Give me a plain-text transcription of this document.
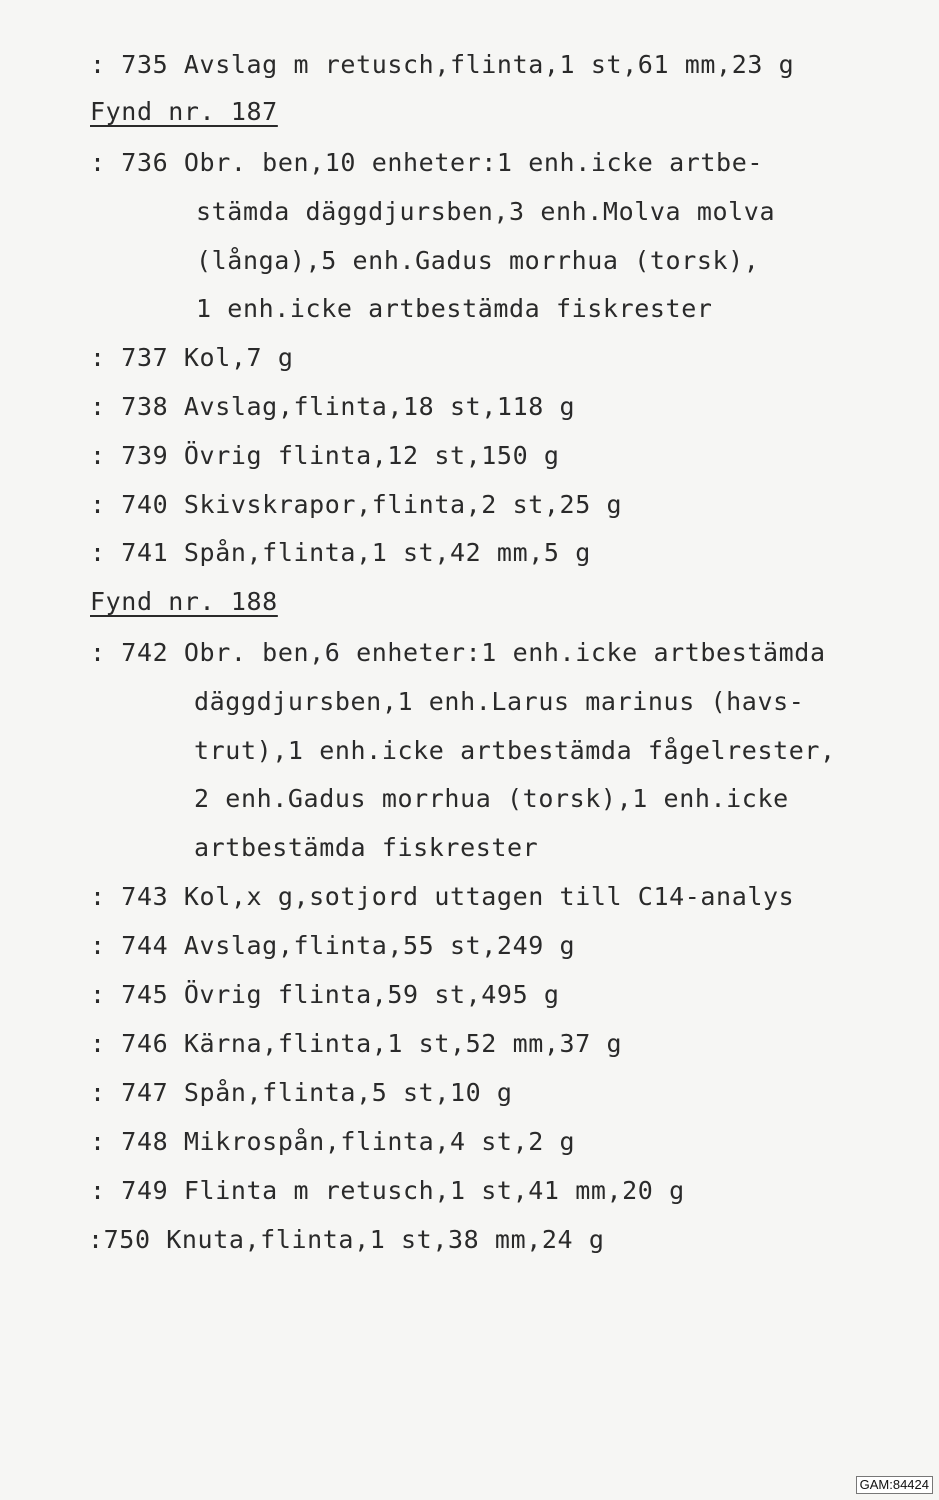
: 735 Avslag m retusch,flinta,1 st,61 mm,23 g
Fynd nr. 187
: 736 Obr. ben,10 enheter:1 enh.icke artbe-
stämda däggdjursben,3 enh.Molva molva
(långa),5 enh.Gadus morrhua (torsk),
1 enh.icke artbestämda fiskrester
: 737 Kol,7 g
: 738 Avslag,flinta,18 st,118 g
: 739 Övrig flinta,12 st,150 g
: 740 Skivskrapor,flinta,2 st,25 g
: 741 Spån,flinta,1 st,42 mm,5 g
Fynd nr. 188
: 742 Obr. ben,6 enheter:1 enh.icke artbestämda
däggdjursben,1 enh.Larus marinus (havs-
trut),1 enh.icke artbestämda fågelrester,
2 enh.Gadus morrhua (torsk),1 enh.icke
artbestämda fiskrester
: 743 Kol,x g,sotjord uttagen till C14-analys
: 744 Avslag,flinta,55 st,249 g
: 745 Övrig flinta,59 st,495 g
: 746 Kärna,flinta,1 st,52 mm,37 g
: 747 Spån,flinta,5 st,10 g
: 748 Mikrospån,flinta,4 st,2 g
: 749 Flinta m retusch,1 st,41 mm,20 g
:750 Knuta,flinta,1 st,38 mm,24 g
GAM:84424
